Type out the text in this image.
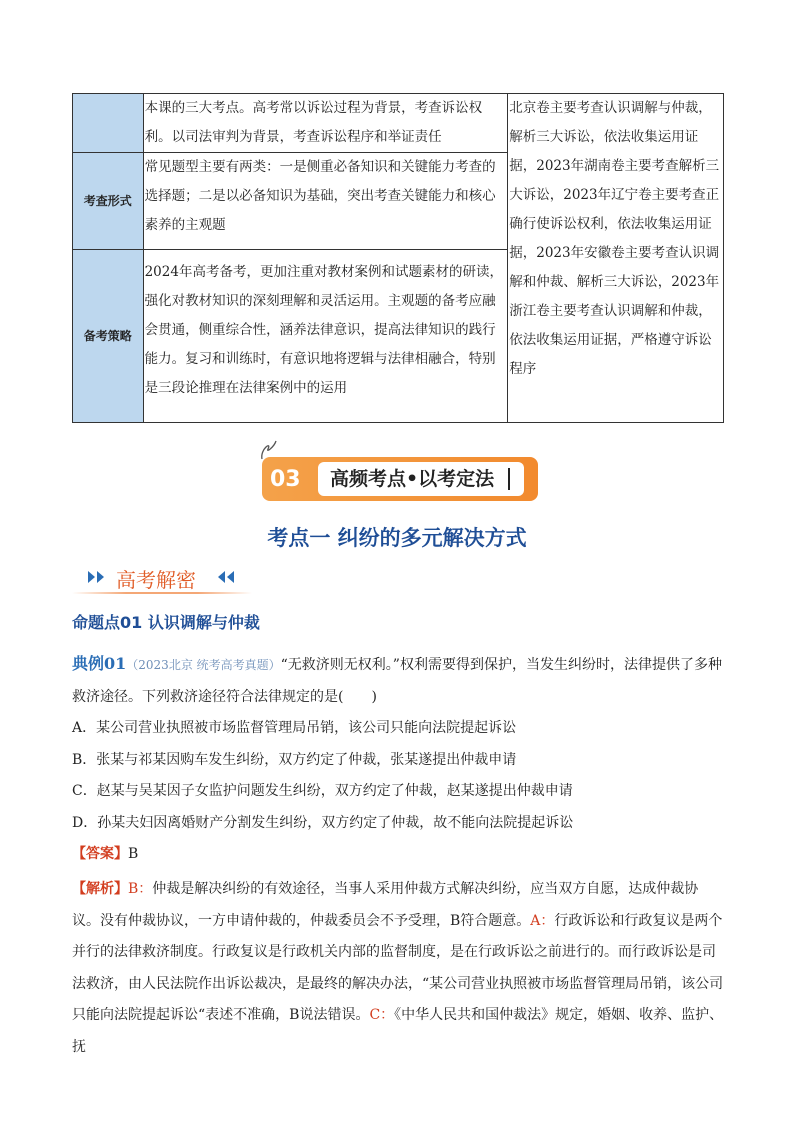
	本课的三大考点。高考常以诉讼过程为背景，考查诉讼权利。以司法审判为背景，考查诉讼程序和举证责任	北京卷主要考查认识调解与仲裁，解析三大诉讼，依法收集运用证据，2023年湖南卷主要考查解析三大诉讼，2023年辽宁卷主要考查正确行使诉讼权利，依法收集运用证据，2023年安徽卷主要考查认识调解和仲裁、解析三大诉讼，2023年浙江卷主要考查认识调解和仲裁，依法收集运用证据，严格遵守诉讼程序
考查形式	常见题型主要有两类：一是侧重必备知识和关键能力考查的选择题；二是以必备知识为基础，突出考查关键能力和核心素养的主观题	
备考策略	2024年高考备考，更加注重对教材案例和试题素材的研读，强化对教材知识的深刻理解和灵活运用。主观题的备考应融会贯通，侧重综合性，涵养法律意识，提高法律知识的践行能力。复习和训练时，有意识地将逻辑与法律相融合，特别是三段论推理在法律案例中的运用	
03	高频考点•以考定法
考点一 纠纷的多元解决方式
高考解密
命题点01 认识调解与仲裁
典例01（2023北京 统考高考真题）“无救济则无权利。”权利需要得到保护，当发生纠纷时，法律提供了多种救济途径。下列救济途径符合法律规定的是(　　)
A．某公司营业执照被市场监督管理局吊销，该公司只能向法院提起诉讼
B．张某与祁某因购车发生纠纷，双方约定了仲裁，张某遂提出仲裁申请
C．赵某与吴某因子女监护问题发生纠纷，双方约定了仲裁，赵某遂提出仲裁申请
D．孙某夫妇因离婚财产分割发生纠纷，双方约定了仲裁，故不能向法院提起诉讼
【答案】B
【解析】B：仲裁是解决纠纷的有效途径，当事人采用仲裁方式解决纠纷，应当双方自愿，达成仲裁协议。没有仲裁协议，一方申请仲裁的，仲裁委员会不予受理，B符合题意。A：行政诉讼和行政复议是两个并行的法律救济制度。行政复议是行政机关内部的监督制度，是在行政诉讼之前进行的。而行政诉讼是司法救济，由人民法院作出诉讼裁决，是最终的解决办法，“某公司营业执照被市场监督管理局吊销，该公司只能向法院提起诉讼“表述不准确，B说法错误。C：《中华人民共和国仲裁法》规定，婚姻、收养、监护、抚
